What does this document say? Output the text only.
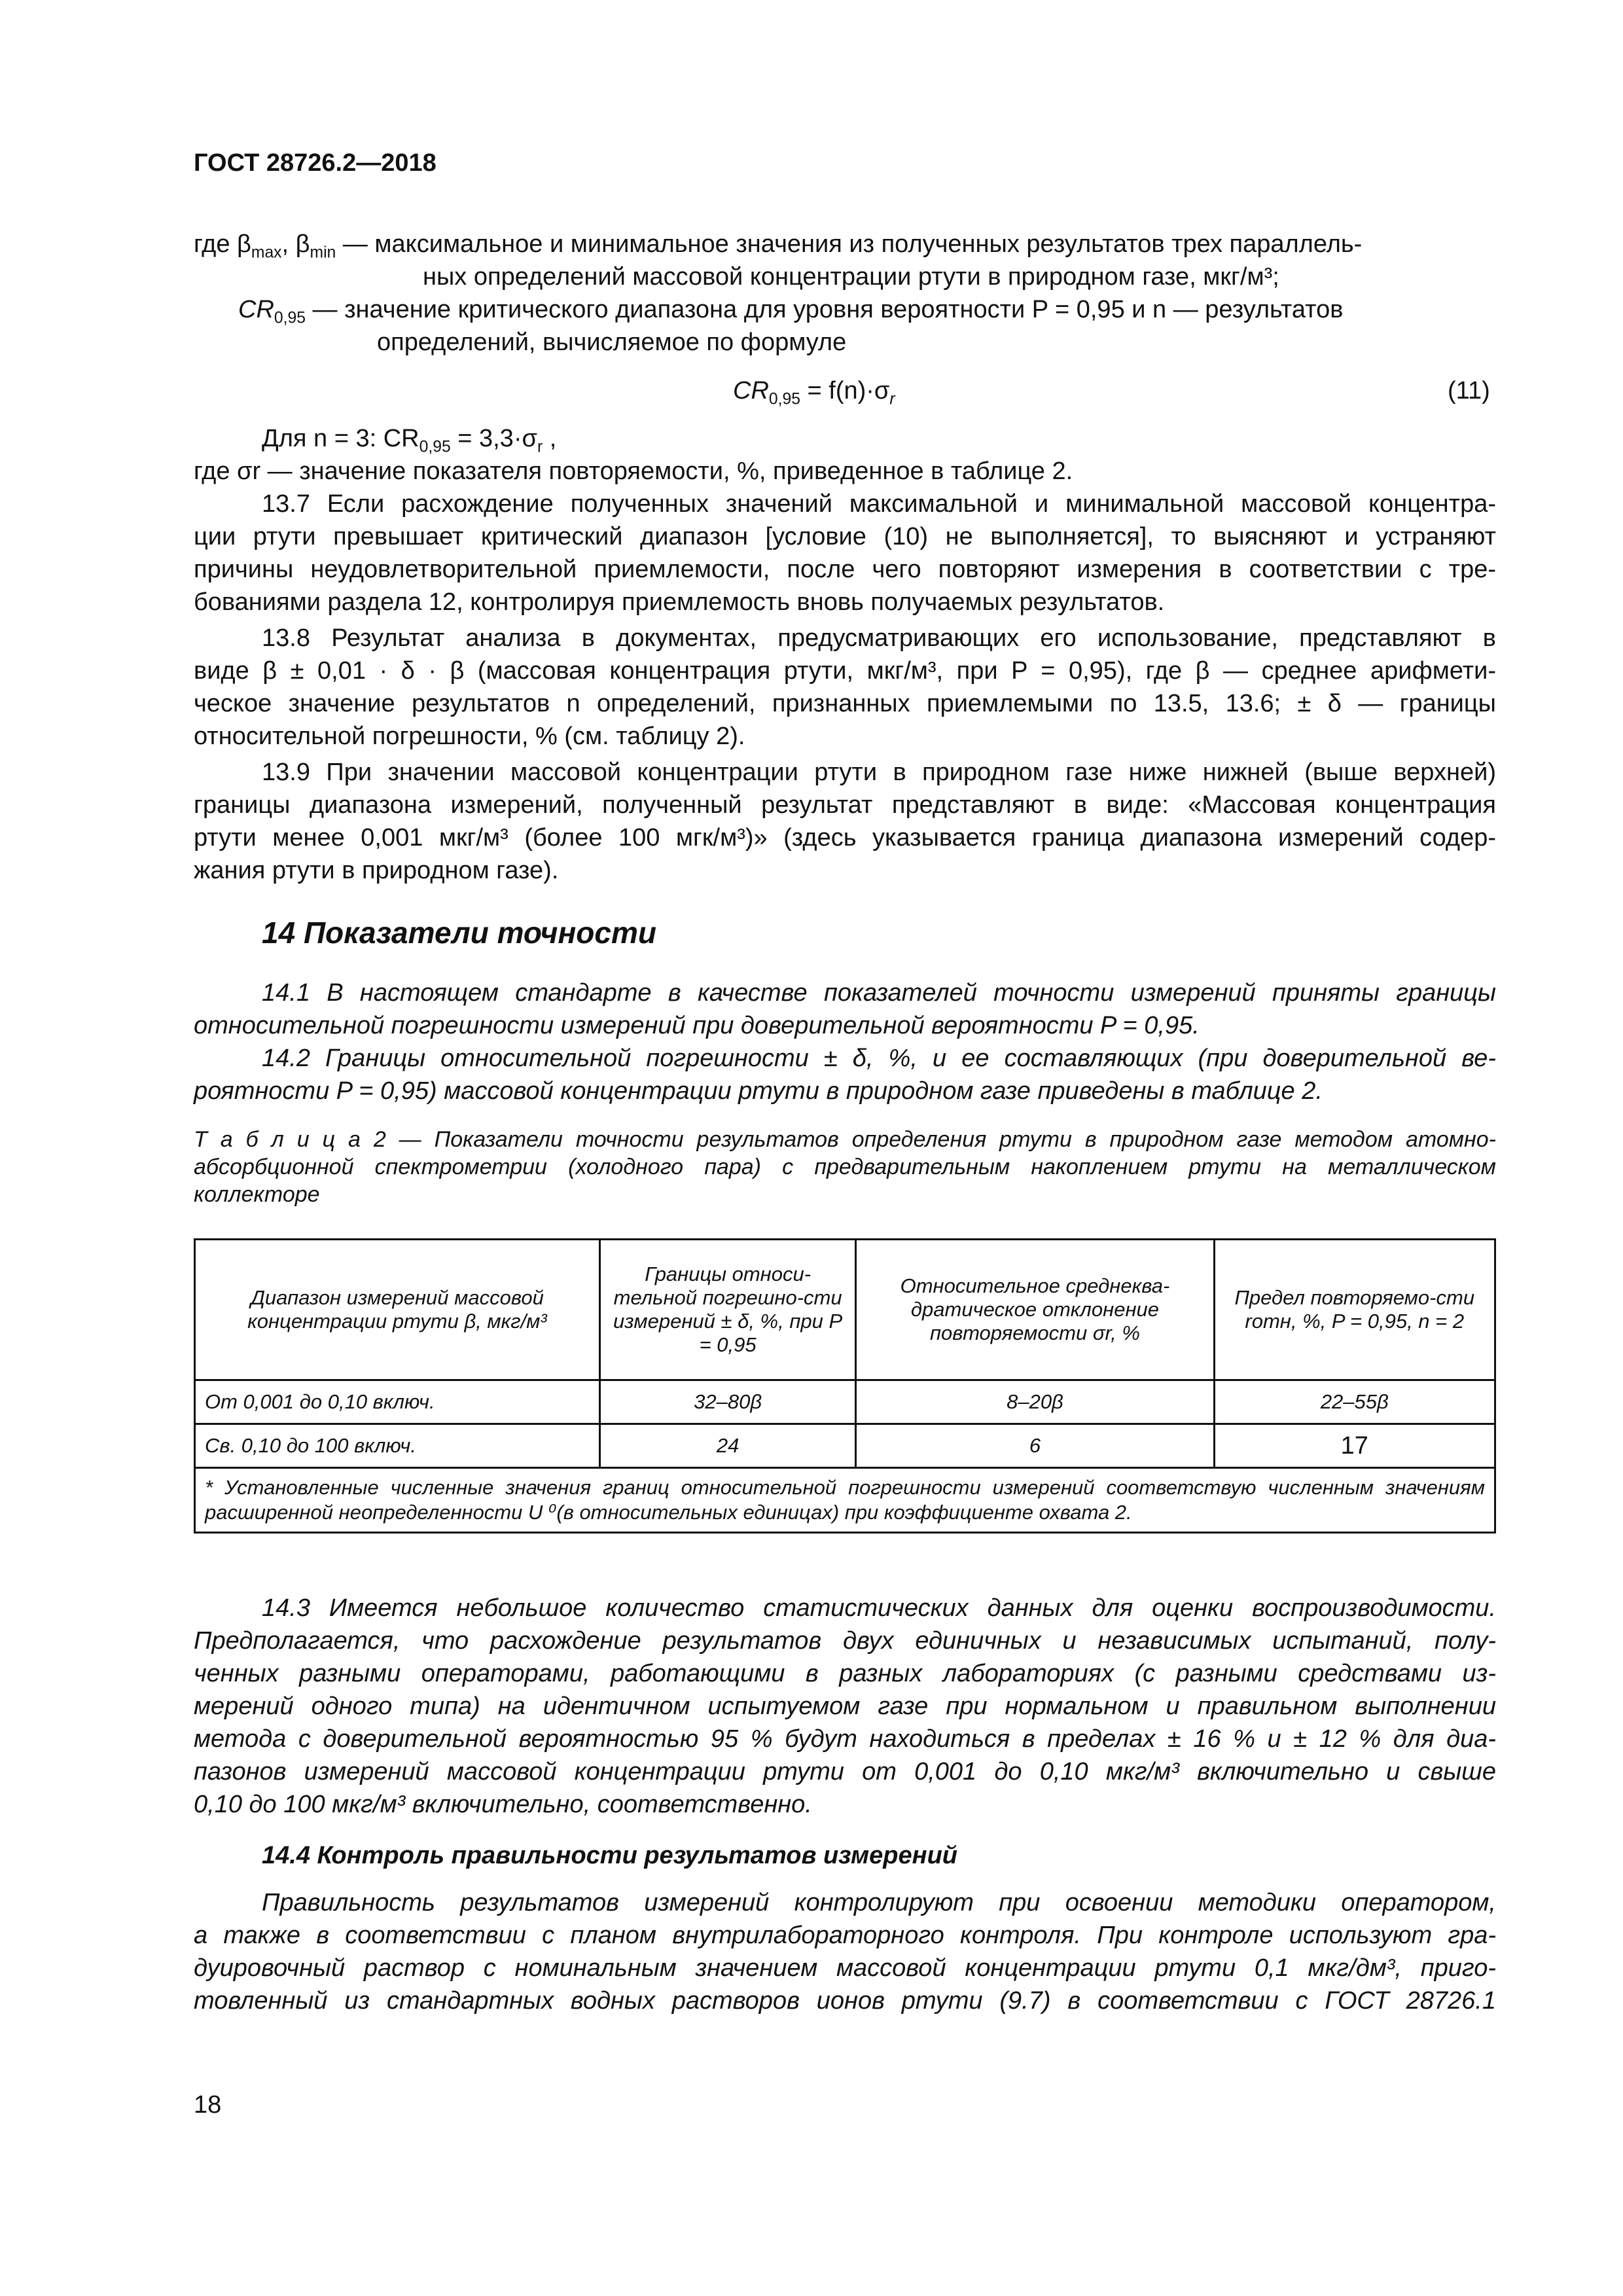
ГОСТ 28726.2—2018
где $\beta_{max}$, $\beta_{min}$ — максимальное и минимальное значения из полученных результатов трех параллель-
ных определений массовой концентрации ртути в природном газе, мкг/м³;
$CR_{0,95}$ — значение критического диапазона для уровня вероятности P = 0,95 и n — результатов
определений, вычисляемое по формуле
$CR_{0,95} = f(n)\cdot\sigma_r$	(11)
Для n = 3: $CR_{0,95} = 3,3\cdot\sigma_r$ ,
где σr — значение показателя повторяемости, %, приведенное в таблице 2.
13.7 Если расхождение полученных значений максимальной и минимальной массовой концентра-
ции ртути превышает критический диапазон [условие (10) не выполняется], то выясняют и устраняют
причины неудовлетворительной приемлемости, после чего повторяют измерения в соответствии с тре-
бованиями раздела 12, контролируя приемлемость вновь получаемых результатов.
13.8 Результат анализа в документах, предусматривающих его использование, представляют в
виде β ± 0,01 · δ · β (массовая концентрация ртути, мкг/м³, при P = 0,95), где β — среднее арифмети-
ческое значение результатов n определений, признанных приемлемыми по 13.5, 13.6; ± δ — границы
относительной погрешности, % (см. таблицу 2).
13.9 При значении массовой концентрации ртути в природном газе ниже нижней (выше верхней)
границы диапазона измерений, полученный результат представляют в виде: «Массовая концентрация
ртути менее 0,001 мкг/м³ (более 100 мгк/м³)» (здесь указывается граница диапазона измерений содер-
жания ртути в природном газе).
14 Показатели точности
14.1 В настоящем стандарте в качестве показателей точности измерений приняты границы
относительной погрешности измерений при доверительной вероятности P = 0,95.
14.2 Границы относительной погрешности ± δ, %, и ее составляющих (при доверительной ве-
роятности P = 0,95) массовой концентрации ртути в природном газе приведены в таблице 2.
Т а б л и ц а 2 — Показатели точности результатов определения ртути в природном газе методом атомно-
абсорбционной спектрометрии (холодного пара) с предварительным накоплением ртути на металлическом
коллекторе
Диапазон измерений массовой концентрации ртути β, мкг/м³	Границы относи-тельной погрешно-сти измерений ± δ, %, при P = 0,95	Относительное среднеква-дратическое отклонение повторяемости σr, %	Предел повторяемо-сти rотн, %, P = 0,95, n = 2
От 0,001 до 0,10 включ.	32–80β	8–20β	22–55β
Св. 0,10 до 100 включ.	24	6	17
* Установленные численные значения границ относительной погрешности измерений соответствую численным значениям расширенной неопределенности U ⁰(в относительных единицах) при коэффициенте охвата 2.			
14.3 Имеется небольшое количество статистических данных для оценки воспроизводимости.
Предполагается, что расхождение результатов двух единичных и независимых испытаний, полу-
ченных разными операторами, работающими в разных лабораториях (с разными средствами из-
мерений одного типа) на идентичном испытуемом газе при нормальном и правильном выполнении
метода с доверительной вероятностью 95 % будут находиться в пределах ± 16 % и ± 12 % для диа-
пазонов измерений массовой концентрации ртути от 0,001 до 0,10 мкг/м³ включительно и свыше
0,10 до 100 мкг/м³ включительно, соответственно.
14.4 Контроль правильности результатов измерений
Правильность результатов измерений контролируют при освоении методики оператором,
а также в соответствии с планом внутрилабораторного контроля. При контроле используют гра-
дуировочный раствор с номинальным значением массовой концентрации ртути 0,1 мкг/дм³, приго-
товленный из стандартных водных растворов ионов ртути (9.7) в соответствии с ГОСТ 28726.1
18
